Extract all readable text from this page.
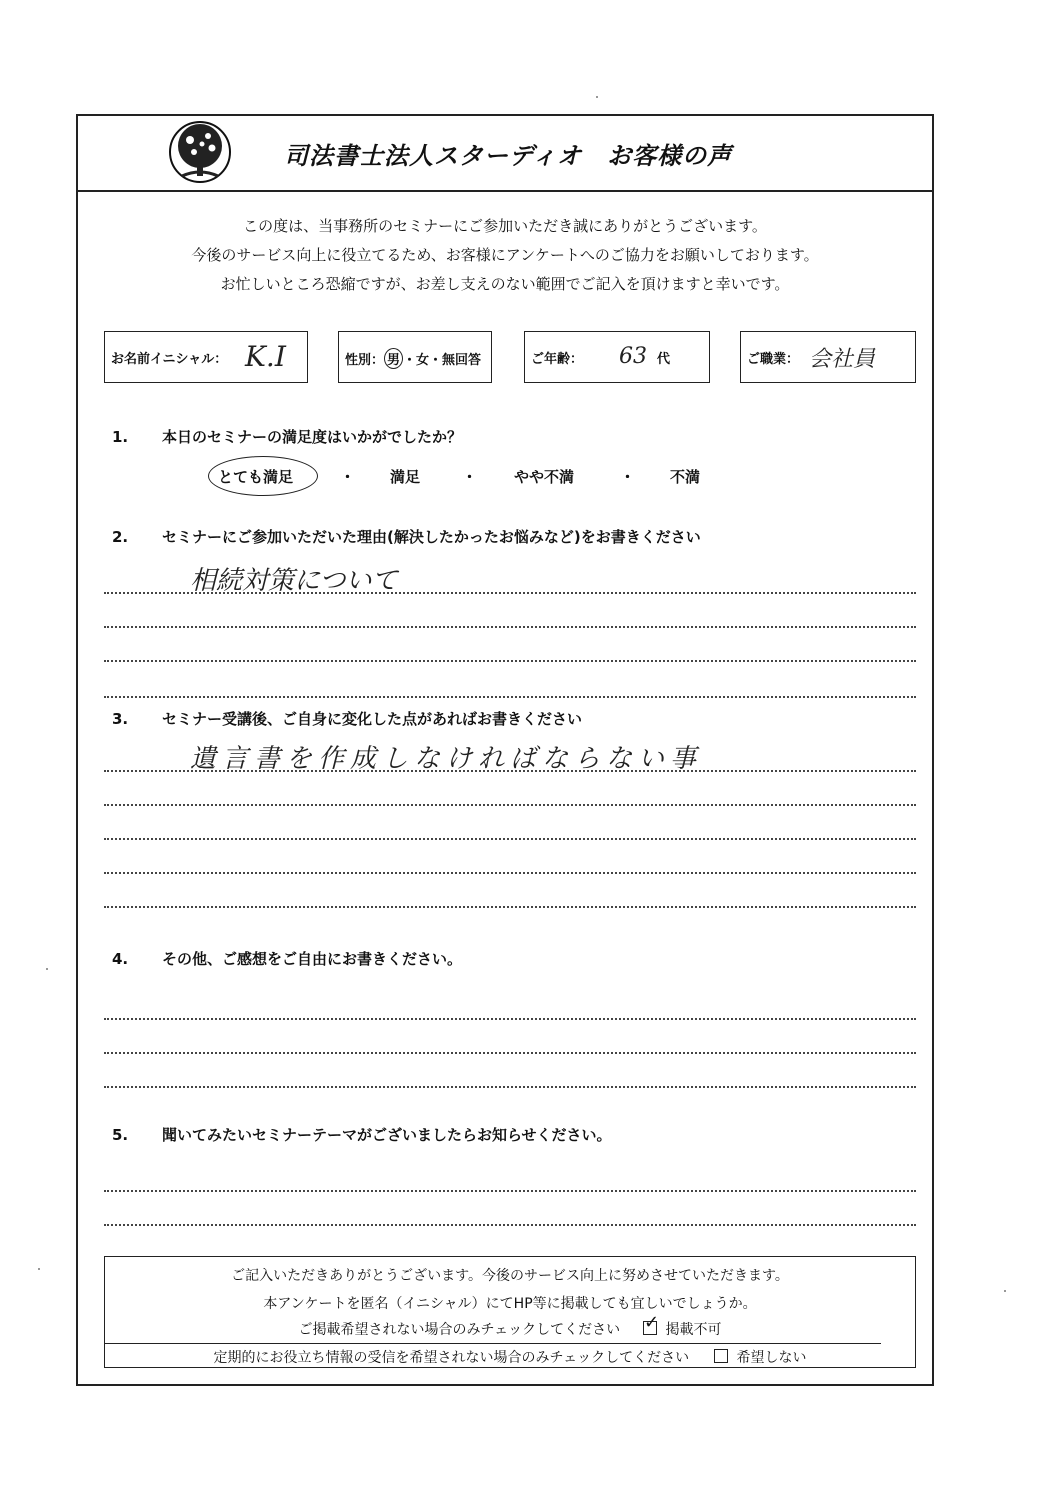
司法書士法人スターディオ　お客様の声
この度は、当事務所のセミナーにご参加いただき誠にありがとうございます。
今後のサービス向上に役立てるため、お客様にアンケートへのご協力をお願いしております。
お忙しいところ恐縮ですが、お差し支えのない範囲でご記入を頂けますと幸いです。
お名前イニシャル： K.I	性別： 男 ・女・無回答	ご年齢： 63 代	ご職業： 会社員
1. 本日のセミナーの満足度はいかがでしたか？
とても満足	・ 満足	・ やや不満	・ 不満
2. セミナーにご参加いただいた理由(解決したかったお悩みなど)をお書きください
相続対策について
3. セミナー受講後、ご自身に変化した点があればお書きください
遺言書を作成しなければならない事
4. その他、ご感想をご自由にお書きください。
5. 聞いてみたいセミナーテーマがございましたらお知らせください。
ご記入いただきありがとうございます。今後のサービス向上に努めさせていただきます。
本アンケートを匿名（イニシャル）にてHP等に掲載しても宜しいでしょうか。
ご掲載希望されない場合のみチェックしてください ✓ 掲載不可
定期的にお役立ち情報の受信を希望されない場合のみチェックしてください	希望しない
